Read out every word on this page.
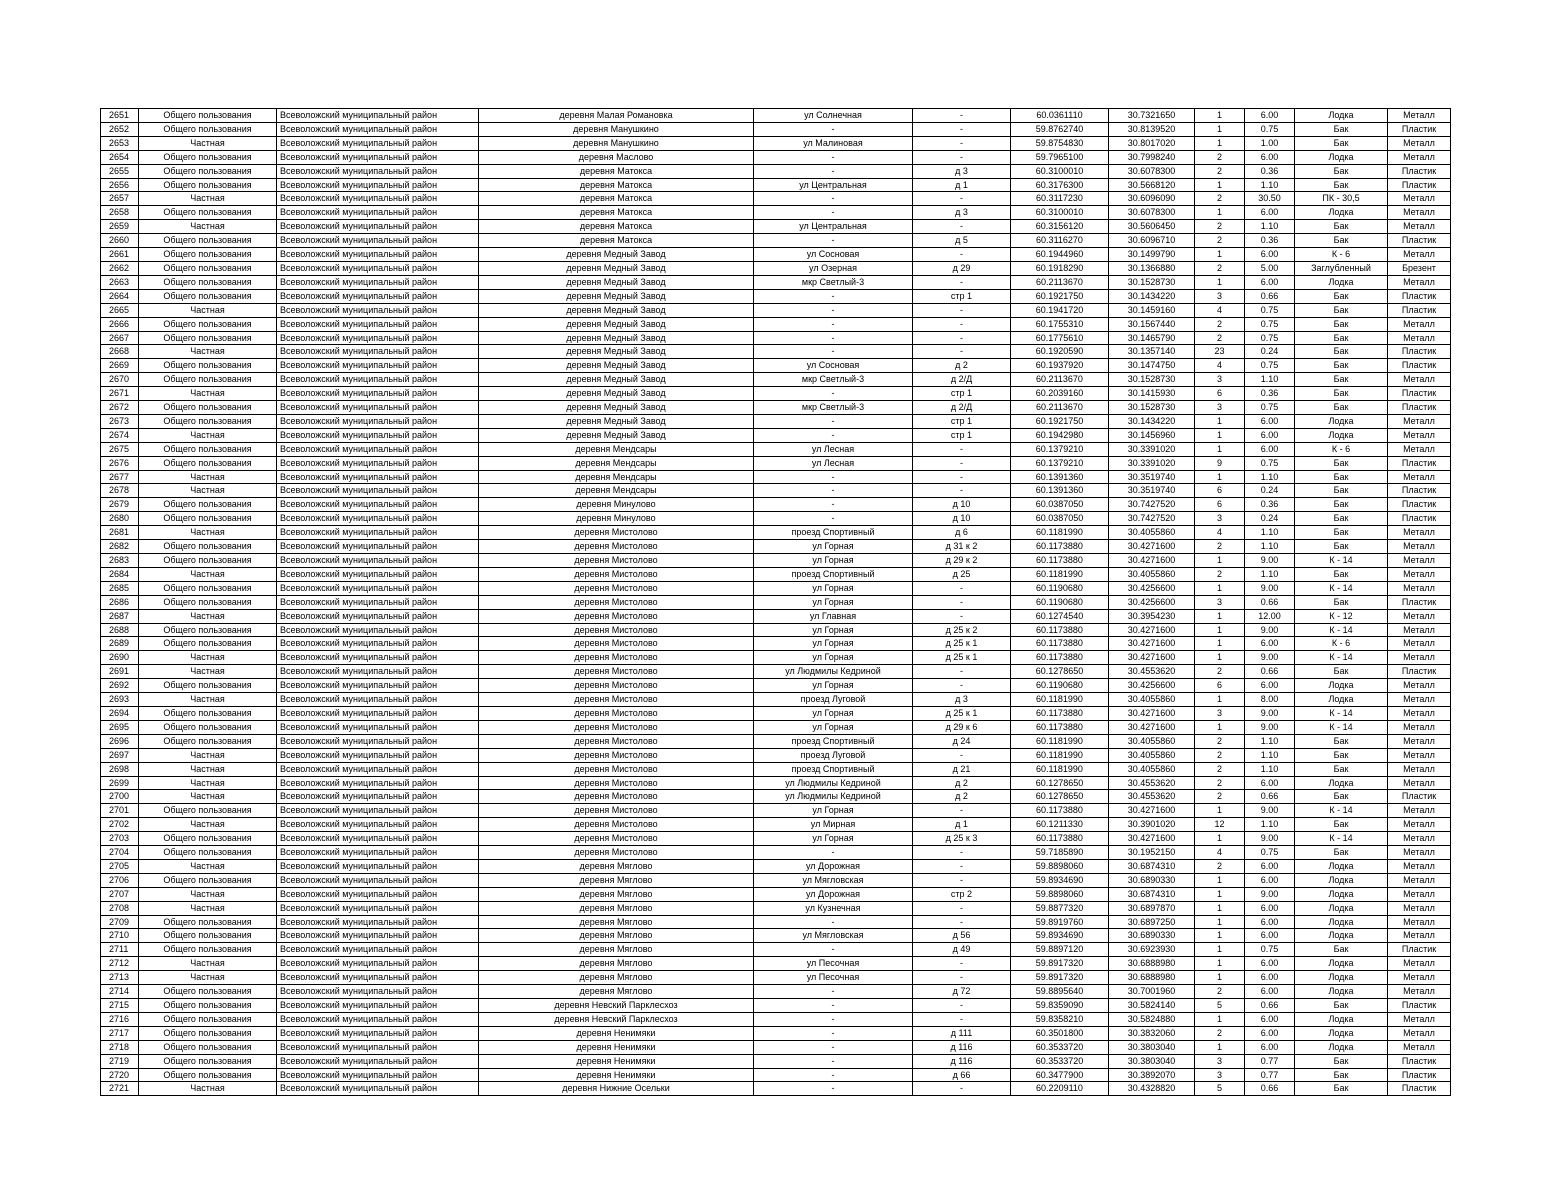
2651	Общего пользования	Всеволожский муниципальный район	деревня Малая Романовка	ул Солнечная	-	60.0361110	30.7321650	1	6.00	Лодка	Металл
2652	Общего пользования	Всеволожский муниципальный район	деревня Манушкино	-	-	59.8762740	30.8139520	1	0.75	Бак	Пластик
2653	Частная	Всеволожский муниципальный район	деревня Манушкино	ул Малиновая	-	59.8754830	30.8017020	1	1.00	Бак	Металл
2654	Общего пользования	Всеволожский муниципальный район	деревня Маслово	-	-	59.7965100	30.7998240	2	6.00	Лодка	Металл
2655	Общего пользования	Всеволожский муниципальный район	деревня Матокса	-	д 3	60.3100010	30.6078300	2	0.36	Бак	Пластик
2656	Общего пользования	Всеволожский муниципальный район	деревня Матокса	ул Центральная	д 1	60.3176300	30.5668120	1	1.10	Бак	Пластик
2657	Частная	Всеволожский муниципальный район	деревня Матокса	-	-	60.3117230	30.6096090	2	30.50	ПК - 30,5	Металл
2658	Общего пользования	Всеволожский муниципальный район	деревня Матокса	-	д 3	60.3100010	30.6078300	1	6.00	Лодка	Металл
2659	Частная	Всеволожский муниципальный район	деревня Матокса	ул Центральная	-	60.3156120	30.5606450	2	1.10	Бак	Металл
2660	Общего пользования	Всеволожский муниципальный район	деревня Матокса	-	д 5	60.3116270	30.6096710	2	0.36	Бак	Пластик
2661	Общего пользования	Всеволожский муниципальный район	деревня Медный Завод	ул Сосновая	-	60.1944960	30.1499790	1	6.00	К - 6	Металл
2662	Общего пользования	Всеволожский муниципальный район	деревня Медный Завод	ул Озерная	д 29	60.1918290	30.1366880	2	5.00	Заглубленный	Брезент
2663	Общего пользования	Всеволожский муниципальный район	деревня Медный Завод	мкр Светлый-3	-	60.2113670	30.1528730	1	6.00	Лодка	Металл
2664	Общего пользования	Всеволожский муниципальный район	деревня Медный Завод	-	стр 1	60.1921750	30.1434220	3	0.66	Бак	Пластик
2665	Частная	Всеволожский муниципальный район	деревня Медный Завод	-	-	60.1941720	30.1459160	4	0.75	Бак	Пластик
2666	Общего пользования	Всеволожский муниципальный район	деревня Медный Завод	-	-	60.1755310	30.1567440	2	0.75	Бак	Металл
2667	Общего пользования	Всеволожский муниципальный район	деревня Медный Завод	-	-	60.1775610	30.1465790	2	0.75	Бак	Металл
2668	Частная	Всеволожский муниципальный район	деревня Медный Завод	-	-	60.1920590	30.1357140	23	0.24	Бак	Пластик
2669	Общего пользования	Всеволожский муниципальный район	деревня Медный Завод	ул Сосновая	д 2	60.1937920	30.1474750	4	0.75	Бак	Пластик
2670	Общего пользования	Всеволожский муниципальный район	деревня Медный Завод	мкр Светлый-3	д 2/Д	60.2113670	30.1528730	3	1.10	Бак	Металл
2671	Частная	Всеволожский муниципальный район	деревня Медный Завод	-	стр 1	60.2039160	30.1415930	6	0.36	Бак	Пластик
2672	Общего пользования	Всеволожский муниципальный район	деревня Медный Завод	мкр Светлый-3	д 2/Д	60.2113670	30.1528730	3	0.75	Бак	Пластик
2673	Общего пользования	Всеволожский муниципальный район	деревня Медный Завод	-	стр 1	60.1921750	30.1434220	1	6.00	Лодка	Металл
2674	Частная	Всеволожский муниципальный район	деревня Медный Завод	-	стр 1	60.1942980	30.1456960	1	6.00	Лодка	Металл
2675	Общего пользования	Всеволожский муниципальный район	деревня Мендсары	ул Лесная	-	60.1379210	30.3391020	1	6.00	К - 6	Металл
2676	Общего пользования	Всеволожский муниципальный район	деревня Мендсары	ул Лесная	-	60.1379210	30.3391020	9	0.75	Бак	Пластик
2677	Частная	Всеволожский муниципальный район	деревня Мендсары	-	-	60.1391360	30.3519740	1	1.10	Бак	Металл
2678	Частная	Всеволожский муниципальный район	деревня Мендсары	-	-	60.1391360	30.3519740	6	0.24	Бак	Пластик
2679	Общего пользования	Всеволожский муниципальный район	деревня Минулово	-	д 10	60.0387050	30.7427520	6	0.36	Бак	Пластик
2680	Общего пользования	Всеволожский муниципальный район	деревня Минулово	-	д 10	60.0387050	30.7427520	3	0.24	Бак	Пластик
2681	Частная	Всеволожский муниципальный район	деревня Мистолово	проезд Спортивный	д 6	60.1181990	30.4055860	4	1.10	Бак	Металл
2682	Общего пользования	Всеволожский муниципальный район	деревня Мистолово	ул Горная	д 31 к 2	60.1173880	30.4271600	2	1.10	Бак	Металл
2683	Общего пользования	Всеволожский муниципальный район	деревня Мистолово	ул Горная	д 29 к 2	60.1173880	30.4271600	1	9.00	К - 14	Металл
2684	Частная	Всеволожский муниципальный район	деревня Мистолово	проезд Спортивный	д 25	60.1181990	30.4055860	2	1.10	Бак	Металл
2685	Общего пользования	Всеволожский муниципальный район	деревня Мистолово	ул Горная	-	60.1190680	30.4256600	1	9.00	К - 14	Металл
2686	Общего пользования	Всеволожский муниципальный район	деревня Мистолово	ул Горная	-	60.1190680	30.4256600	3	0.66	Бак	Пластик
2687	Частная	Всеволожский муниципальный район	деревня Мистолово	ул Главная	-	60.1274540	30.3954230	1	12.00	К - 12	Металл
2688	Общего пользования	Всеволожский муниципальный район	деревня Мистолово	ул Горная	д 25 к 2	60.1173880	30.4271600	1	9.00	К - 14	Металл
2689	Общего пользования	Всеволожский муниципальный район	деревня Мистолово	ул Горная	д 25 к 1	60.1173880	30.4271600	1	6.00	К - 6	Металл
2690	Частная	Всеволожский муниципальный район	деревня Мистолово	ул Горная	д 25 к 1	60.1173880	30.4271600	1	9.00	К - 14	Металл
2691	Частная	Всеволожский муниципальный район	деревня Мистолово	ул Людмилы Кедриной	-	60.1278650	30.4553620	2	0.66	Бак	Пластик
2692	Общего пользования	Всеволожский муниципальный район	деревня Мистолово	ул Горная	-	60.1190680	30.4256600	6	6.00	Лодка	Металл
2693	Частная	Всеволожский муниципальный район	деревня Мистолово	проезд Луговой	д 3	60.1181990	30.4055860	1	8.00	Лодка	Металл
2694	Общего пользования	Всеволожский муниципальный район	деревня Мистолово	ул Горная	д 25 к 1	60.1173880	30.4271600	3	9.00	К - 14	Металл
2695	Общего пользования	Всеволожский муниципальный район	деревня Мистолово	ул Горная	д 29 к 6	60.1173880	30.4271600	1	9.00	К - 14	Металл
2696	Общего пользования	Всеволожский муниципальный район	деревня Мистолово	проезд Спортивный	д 24	60.1181990	30.4055860	2	1.10	Бак	Металл
2697	Частная	Всеволожский муниципальный район	деревня Мистолово	проезд Луговой	-	60.1181990	30.4055860	2	1.10	Бак	Металл
2698	Частная	Всеволожский муниципальный район	деревня Мистолово	проезд Спортивный	д 21	60.1181990	30.4055860	2	1.10	Бак	Металл
2699	Частная	Всеволожский муниципальный район	деревня Мистолово	ул Людмилы Кедриной	д 2	60.1278650	30.4553620	2	6.00	Лодка	Металл
2700	Частная	Всеволожский муниципальный район	деревня Мистолово	ул Людмилы Кедриной	д 2	60.1278650	30.4553620	2	0.66	Бак	Пластик
2701	Общего пользования	Всеволожский муниципальный район	деревня Мистолово	ул Горная	-	60.1173880	30.4271600	1	9.00	К - 14	Металл
2702	Частная	Всеволожский муниципальный район	деревня Мистолово	ул Мирная	д 1	60.1211330	30.3901020	12	1.10	Бак	Металл
2703	Общего пользования	Всеволожский муниципальный район	деревня Мистолово	ул Горная	д 25 к 3	60.1173880	30.4271600	1	9.00	К - 14	Металл
2704	Общего пользования	Всеволожский муниципальный район	деревня Мистолово	-	-	59.7185890	30.1952150	4	0.75	Бак	Металл
2705	Частная	Всеволожский муниципальный район	деревня Мяглово	ул Дорожная	-	59.8898060	30.6874310	2	6.00	Лодка	Металл
2706	Общего пользования	Всеволожский муниципальный район	деревня Мяглово	ул Мягловская	-	59.8934690	30.6890330	1	6.00	Лодка	Металл
2707	Частная	Всеволожский муниципальный район	деревня Мяглово	ул Дорожная	стр 2	59.8898060	30.6874310	1	9.00	Лодка	Металл
2708	Частная	Всеволожский муниципальный район	деревня Мяглово	ул Кузнечная	-	59.8877320	30.6897870	1	6.00	Лодка	Металл
2709	Общего пользования	Всеволожский муниципальный район	деревня Мяглово	-	-	59.8919760	30.6897250	1	6.00	Лодка	Металл
2710	Общего пользования	Всеволожский муниципальный район	деревня Мяглово	ул Мягловская	д 56	59.8934690	30.6890330	1	6.00	Лодка	Металл
2711	Общего пользования	Всеволожский муниципальный район	деревня Мяглово	-	д 49	59.8897120	30.6923930	1	0.75	Бак	Пластик
2712	Частная	Всеволожский муниципальный район	деревня Мяглово	ул Песочная	-	59.8917320	30.6888980	1	6.00	Лодка	Металл
2713	Частная	Всеволожский муниципальный район	деревня Мяглово	ул Песочная	-	59.8917320	30.6888980	1	6.00	Лодка	Металл
2714	Общего пользования	Всеволожский муниципальный район	деревня Мяглово	-	д 72	59.8895640	30.7001960	2	6.00	Лодка	Металл
2715	Общего пользования	Всеволожский муниципальный район	деревня Невский Парклесхоз	-	-	59.8359090	30.5824140	5	0.66	Бак	Пластик
2716	Общего пользования	Всеволожский муниципальный район	деревня Невский Парклесхоз	-	-	59.8358210	30.5824880	1	6.00	Лодка	Металл
2717	Общего пользования	Всеволожский муниципальный район	деревня Ненимяки	-	д 111	60.3501800	30.3832060	2	6.00	Лодка	Металл
2718	Общего пользования	Всеволожский муниципальный район	деревня Ненимяки	-	д 116	60.3533720	30.3803040	1	6.00	Лодка	Металл
2719	Общего пользования	Всеволожский муниципальный район	деревня Ненимяки	-	д 116	60.3533720	30.3803040	3	0.77	Бак	Пластик
2720	Общего пользования	Всеволожский муниципальный район	деревня Ненимяки	-	д 66	60.3477900	30.3892070	3	0.77	Бак	Пластик
2721	Частная	Всеволожский муниципальный район	деревня Нижние Осельки	-	-	60.2209110	30.4328820	5	0.66	Бак	Пластик
